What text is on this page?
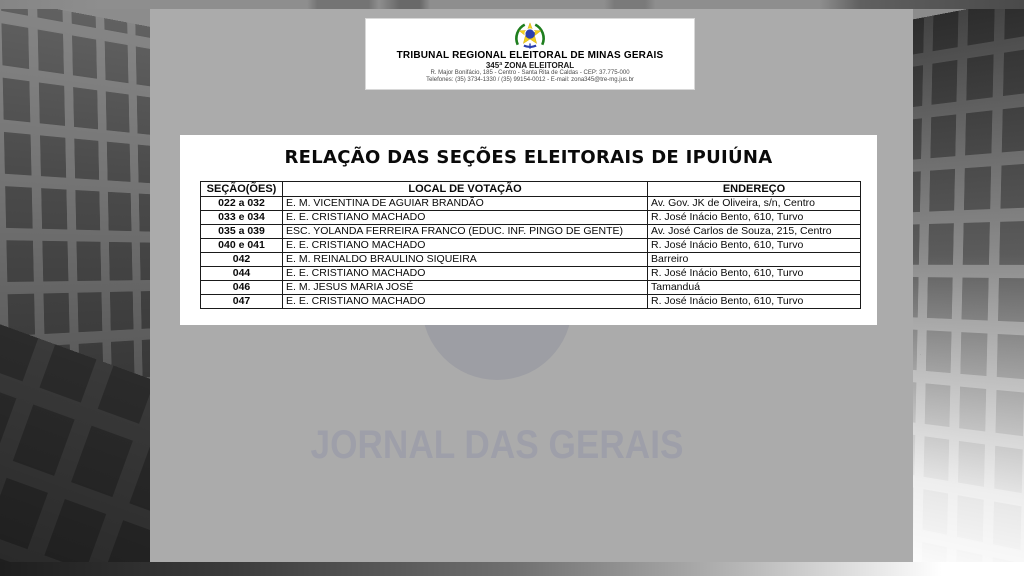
JORNAL DAS GERAIS
TRIBUNAL REGIONAL ELEITORAL DE MINAS GERAIS
345ª ZONA ELEITORAL
R. Major Bonifácio, 185 - Centro - Santa Rita de Caldas - CEP: 37.775-000
Telefones: (35) 3734-1330 / (35) 99154-0012 - E-mail: zona345@tre-mg.jus.br
RELAÇÃO DAS SEÇÕES ELEITORAIS DE IPUIÚNA
SEÇÃO(ÕES)	LOCAL DE VOTAÇÃO	ENDEREÇO
022 a 032	E. M. VICENTINA DE AGUIAR BRANDÃO	Av. Gov. JK de Oliveira, s/n, Centro
033 e 034	E. E. CRISTIANO MACHADO	R. José Inácio Bento, 610, Turvo
035 a 039	ESC. YOLANDA FERREIRA FRANCO (EDUC. INF. PINGO DE GENTE)	Av. José Carlos de Souza, 215, Centro
040 e 041	E. E. CRISTIANO MACHADO	R. José Inácio Bento, 610, Turvo
042	E. M. REINALDO BRAULINO SIQUEIRA	Barreiro
044	E. E. CRISTIANO MACHADO	R. José Inácio Bento, 610, Turvo
046	E. M. JESUS MARIA JOSÉ	Tamanduá
047	E. E. CRISTIANO MACHADO	R. José Inácio Bento, 610, Turvo
